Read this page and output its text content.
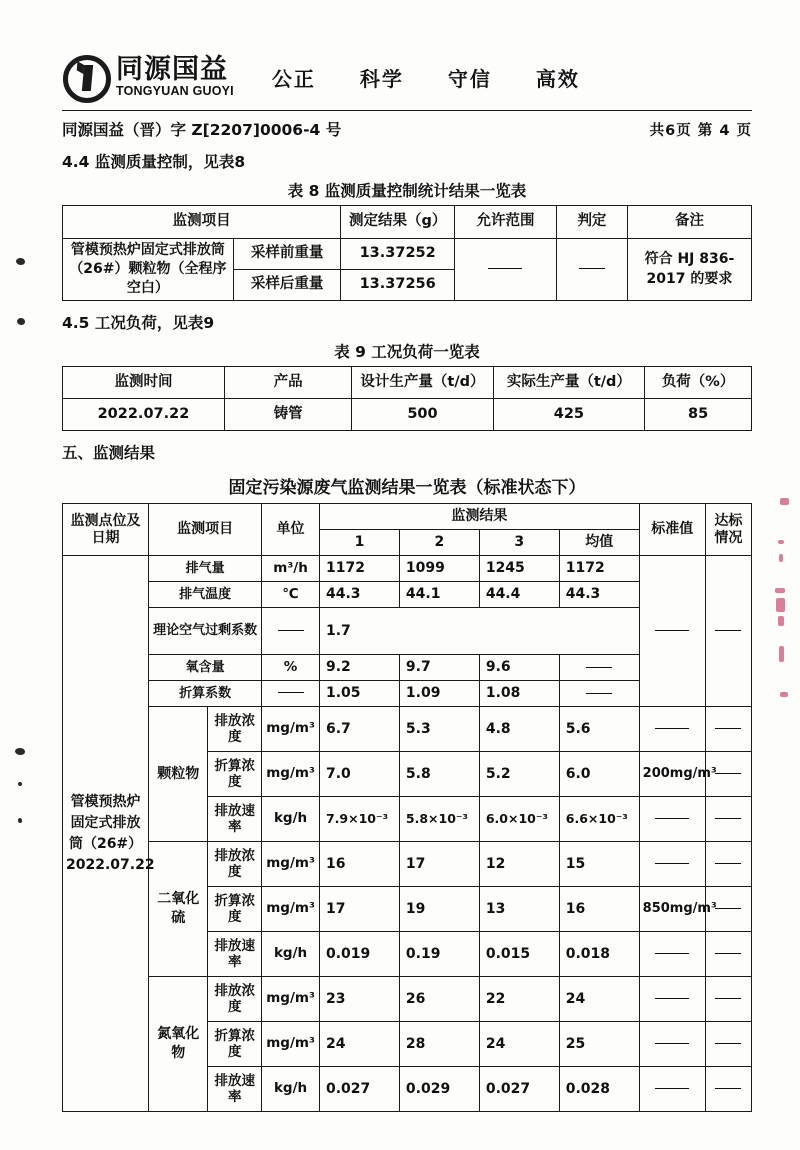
同源国益
TONGYUAN GUOYI
公正 科学 守信 高效
同源国益（晋）字 Z[2207]0006-4 号	共6页 第 4 页
4.4 监测质量控制，见表8
表 8 监测质量控制统计结果一览表
监测项目		测定结果（g）	允许范围	判定	备注
管模预热炉固定式排放筒（26#）颗粒物（全程序空白）	采样前重量	13.37252			符合 HJ 836-2017 的要求
	采样后重量	13.37256			
4.5 工况负荷，见表9
表 9 工况负荷一览表
监测时间	产品	设计生产量（t/d）	实际生产量（t/d）	负荷（%）
2022.07.22	铸管	500	425	85
五、监测结果
固定污染源废气监测结果一览表（标准状态下）
监测点位及日期	监测项目		单位	监测结果				标准值	达标情况
				1	2	3	均值		
管模预热炉固定式排放筒（26#）2022.07.22	排气量		m³/h	1172	1099	1245	1172		
	排气温度		℃	44.3	44.1	44.4	44.3		
	理论空气过剩系数			1.7					
	氧含量		%	9.2	9.7	9.6			
	折算系数			1.05	1.09	1.08			
	颗粒物	排放浓度	mg/m³	6.7	5.3	4.8	5.6		
		折算浓度	mg/m³	7.0	5.8	5.2	6.0	200mg/m³	
		排放速率	kg/h	7.9×10⁻³	5.8×10⁻³	6.0×10⁻³	6.6×10⁻³		
	二氧化硫	排放浓度	mg/m³	16	17	12	15		
		折算浓度	mg/m³	17	19	13	16	850mg/m³	
		排放速率	kg/h	0.019	0.19	0.015	0.018		
	氮氧化物	排放浓度	mg/m³	23	26	22	24		
		折算浓度	mg/m³	24	28	24	25		
		排放速率	kg/h	0.027	0.029	0.027	0.028		
